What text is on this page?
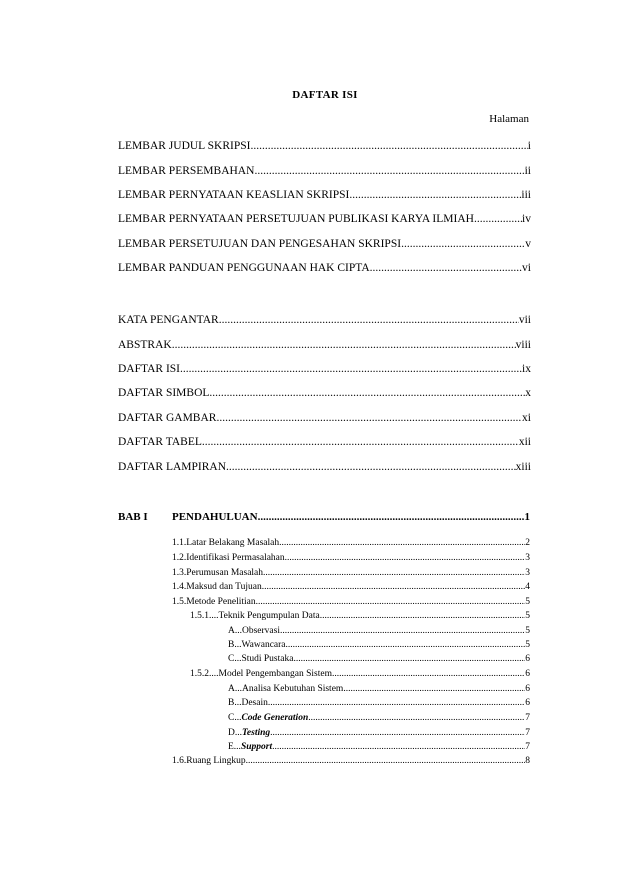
DAFTAR ISI
Halaman
LEMBAR JUDUL SKRIPSI .....	i
LEMBAR PERSEMBAHAN .....	ii
LEMBAR PERNYATAAN KEASLIAN SKRIPSI .....	iii
LEMBAR PERNYATAAN PERSETUJUAN PUBLIKASI KARYA ILMIAH .....	iv
LEMBAR PERSETUJUAN DAN PENGESAHAN SKRIPSI .....	v
LEMBAR PANDUAN PENGGUNAAN HAK CIPTA .....	vi
KATA PENGANTAR .....	vii
ABSTRAK .....	viii
DAFTAR ISI .....	ix
DAFTAR SIMBOL .....	x
DAFTAR GAMBAR .....	xi
DAFTAR TABEL .....	xii
DAFTAR LAMPIRAN .....	xiii
BAB I PENDAHULUAN .....	1
1.1.Latar Belakang Masalah .....	2
1.2.Identifikasi Permasalahan .....	3
1.3.Perumusan Masalah .....	3
1.4.Maksud dan Tujuan .....	4
1.5.Metode Penelitian .....	5
1.5.1....Teknik Pengumpulan Data .....	5
A...Observasi .....	5
B...Wawancara .....	5
C...Studi Pustaka .....	6
1.5.2....Model Pengembangan Sistem .....	6
A...Analisa Kebutuhan Sistem .....	6
B...Desain .....	6
C...Code Generation .....	7
D...Testing .....	7
E...Support .....	7
1.6.Ruang Lingkup .....	8
